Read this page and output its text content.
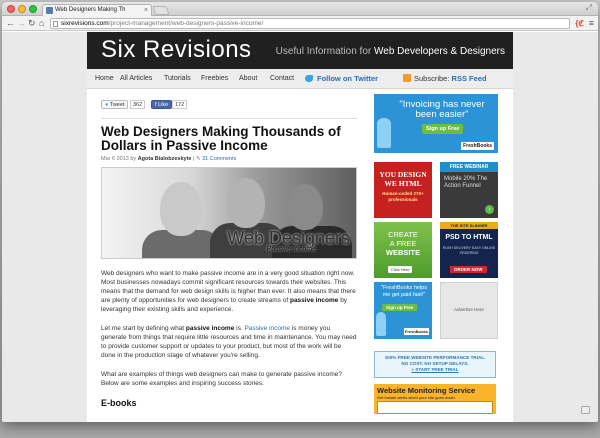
Web Designers Making Th	×	⤢
← → ↻ ⌂	sixrevisions.com/project-management/web-designers-passive-income/	{ℭ ≡
Six Revisions Useful Information for Web Developers & Designers
Home All Articles Tutorials Freebies About Contact	Follow on Twitter	Subscribe: RSS Feed
● Tweet	362	f Like	172
Web Designers Making Thousands of Dollars in Passive Income
Mar 6 2013 by Agota Bialobzeskyte | ✎ 31 Comments
Web Designers
Passive Income

Web designers who want to make passive income are in a very good situation right now. Most businesses nowadays commit significant resources towards their websites. This means that the demand for web design skills is higher than ever. It also means that there are plenty of opportunities for web designers to create streams of passive income by leveraging their existing skills and experience.

Let me start by defining what passive income is. Passive income is money you generate from things that require little resources and time in maintenance. You may need to provide customer support or updates to your product, but most of the work will be done in the production stage of whatever you're selling.

What are examples of things web designers can make to generate passive income? Below are some examples and inspiring success stories.

E-books
"Invoicing has never been easier"
Sign up Free
FreshBooks
YOU DESIGN WE HTML
Human-coded 270+ professionals
FREE WEBINAR
Mobile 20% The Action Funnel
›
CREATE
A FREE
WEBSITE
Click Here
THE SITE SLINGER
PSD TO HTML
RUSH DELIVERY EASY ONLINE ORDERING
ORDER NOW
"FreshBooks helps me get paid fast!"
Sign up Free
FreshBooks
Advertise Here
100% FREE WEBSITE PERFORMANCE TRIAL.
NO COST. NO SETUP DELAYS.
» START FREE TRIAL
Website Monitoring Service
Get instant alerts when your site goes down.
